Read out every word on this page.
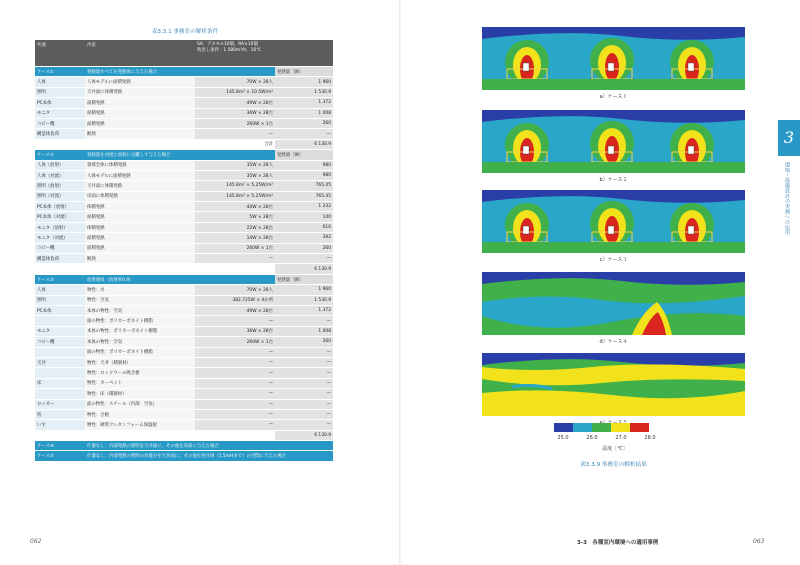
表3.3.1 事務室の解析条件
共通	冷房	SA：アネモ×10個、RA×10個
吹出し条件：1 580m³/h、16℃	

ケース①	発熱量すべてを発熱体に与えた場合		発熱量［W］
人体	人体モデルに面積発熱	70W × 28人	1 960
照明	天井面に体積発熱	145.8m² × 10.5W/m²	1 530.9
PC本体	面積発熱	49W × 28台	1 372
モニタ	面積発熱	36W × 28台	1 008
コピー機	面積発熱	260W × 1台	260
構造体負荷	断熱	—	—
合計			6 130.9
ケース②	発熱量を対流と放射に分離して与えた場合		発熱量［W］
人体（放射）	領域全体に体積発熱	35W × 28人	980
人体（対流）	人体モデルに面積発熱	35W × 28人	980
照明（放射）	天井面に体積発熱	145.8m² × 5.25W/m²	765.45
照明（対流）	床面に体積発熱	145.8m² × 5.25W/m²	765.45
PC本体（放射）	体積発熱	44W × 28台	1 232
PC本体（対流）	面積発熱	5W × 28台	140
モニタ（放射）	体積発熱	22W × 28台	616
モニタ（対流）	面積発熱	14W × 28台	392
コピー機	面積発熱	260W × 1台	260
構造体負荷	断熱	—	—
			6 130.9
ケース③	放射連成（放射率0.9）		発熱量［W］
人体	物性：水	70W × 28人	1 960
照明	物性：空気	382.725W × 4か所	1 530.9
PC本体	本体の物性：空気	49W × 28台	1 372
	面の物性：ポリカーボネイト樹脂	—	—
モニタ	本体の物性：ポリカーボネイト樹脂	36W × 28台	1 008
コピー機	本体の物性：空気	260W × 1台	260
	面の物性：ポリカーボネイト樹脂	—	—
天井	物性：天井（積層材）	—	—
	物性：ロックウール吸音板	—	—
床	物性：カーペット	—	—
	物性：床（積層材）	—	—
ロッカー	面の物性：スチール（内部：空気）	—	—
机	物性：合板	—	—
いす	物性：硬質ウレタンフォーム保温板	—	—
			6 130.9
ケース④	什器なし：内部発熱の照明を天井面に、その他を床面に与えた場合		
ケース⑤	什器なし：内部発熱の照明の対流分を天井面に、その他を居住域（1.5mHまで）の空間に与えた場合		
062
a）ケース１
b）ケース２
c）ケース３
d）ケース４
25.0	26.0	27.0	28.0
温度［℃］
図3.3.9 事務室の解析結果
3
環境・設備設計の実務への応用
3-3　各種室内環境への適用事例	063
